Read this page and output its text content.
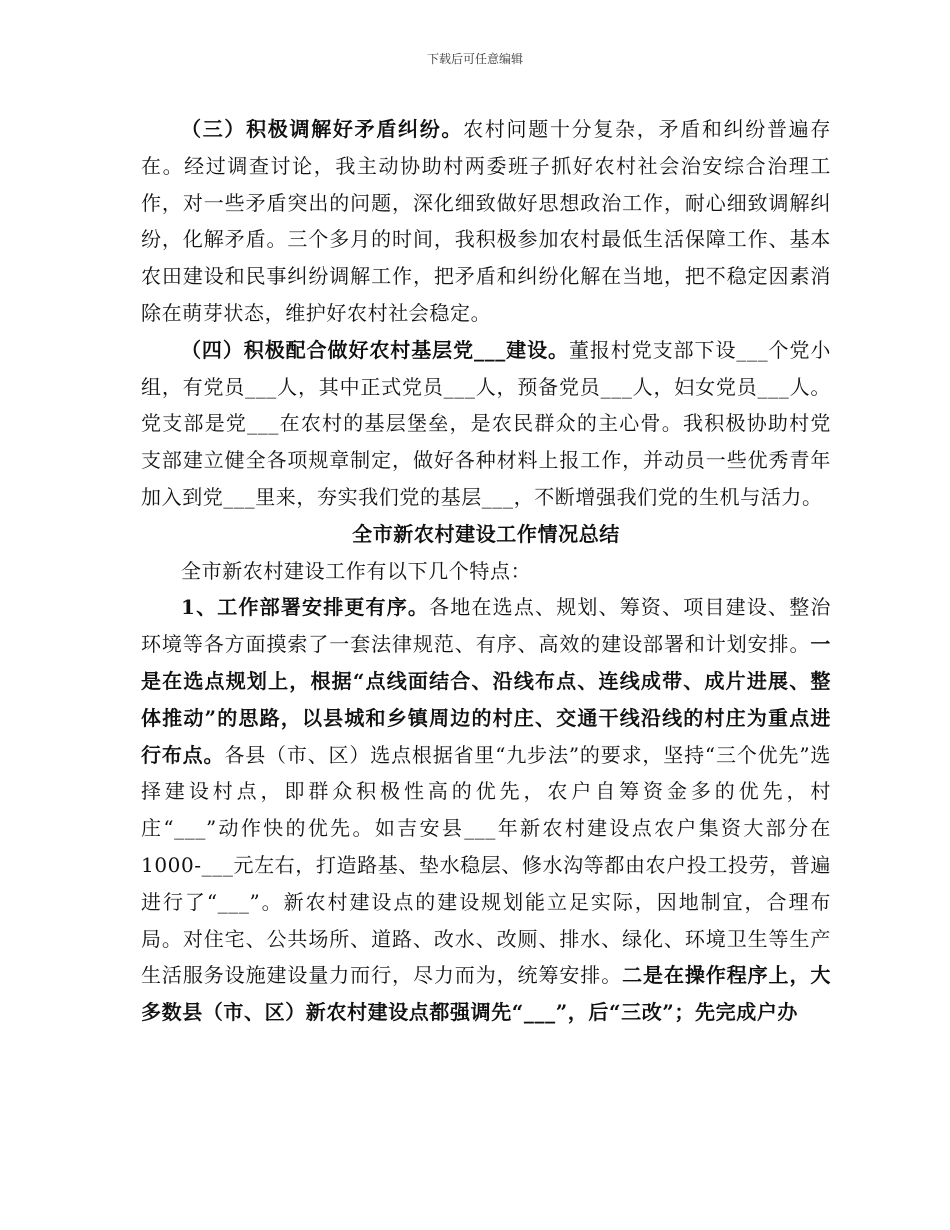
下载后可任意编辑

（三）积极调解好矛盾纠纷。农村问题十分复杂，矛盾和纠纷普遍存在。经过调查讨论，我主动协助村两委班子抓好农村社会治安综合治理工作，对一些矛盾突出的问题，深化细致做好思想政治工作，耐心细致调解纠纷，化解矛盾。三个多月的时间，我积极参加农村最低生活保障工作、基本农田建设和民事纠纷调解工作，把矛盾和纠纷化解在当地，把不稳定因素消除在萌芽状态，维护好农村社会稳定。

（四）积极配合做好农村基层党___建设。董报村党支部下设___个党小组，有党员___人，其中正式党员___人，预备党员___人，妇女党员___人。党支部是党___在农村的基层堡垒，是农民群众的主心骨。我积极协助村党支部建立健全各项规章制定，做好各种材料上报工作，并动员一些优秀青年加入到党___里来，夯实我们党的基层___，不断增强我们党的生机与活力。

全市新农村建设工作情况总结

全市新农村建设工作有以下几个特点：

1、工作部署安排更有序。各地在选点、规划、筹资、项目建设、整治环境等各方面摸索了一套法律规范、有序、高效的建设部署和计划安排。一是在选点规划上，根据“点线面结合、沿线布点、连线成带、成片进展、整体推动”的思路，以县城和乡镇周边的村庄、交通干线沿线的村庄为重点进行布点。各县（市、区）选点根据省里“九步法”的要求，坚持“三个优先”选择建设村点，即群众积极性高的优先，农户自筹资金多的优先，村庄“___”动作快的优先。如吉安县___年新农村建设点农户集资大部分在1000-___元左右，打造路基、垫水稳层、修水沟等都由农户投工投劳，普遍进行了“___”。新农村建设点的建设规划能立足实际，因地制宜，合理布局。对住宅、公共场所、道路、改水、改厕、排水、绿化、环境卫生等生产生活服务设施建设量力而行，尽力而为，统筹安排。二是在操作程序上，大多数县（市、区）新农村建设点都强调先“___”，后“三改”；先完成户办
